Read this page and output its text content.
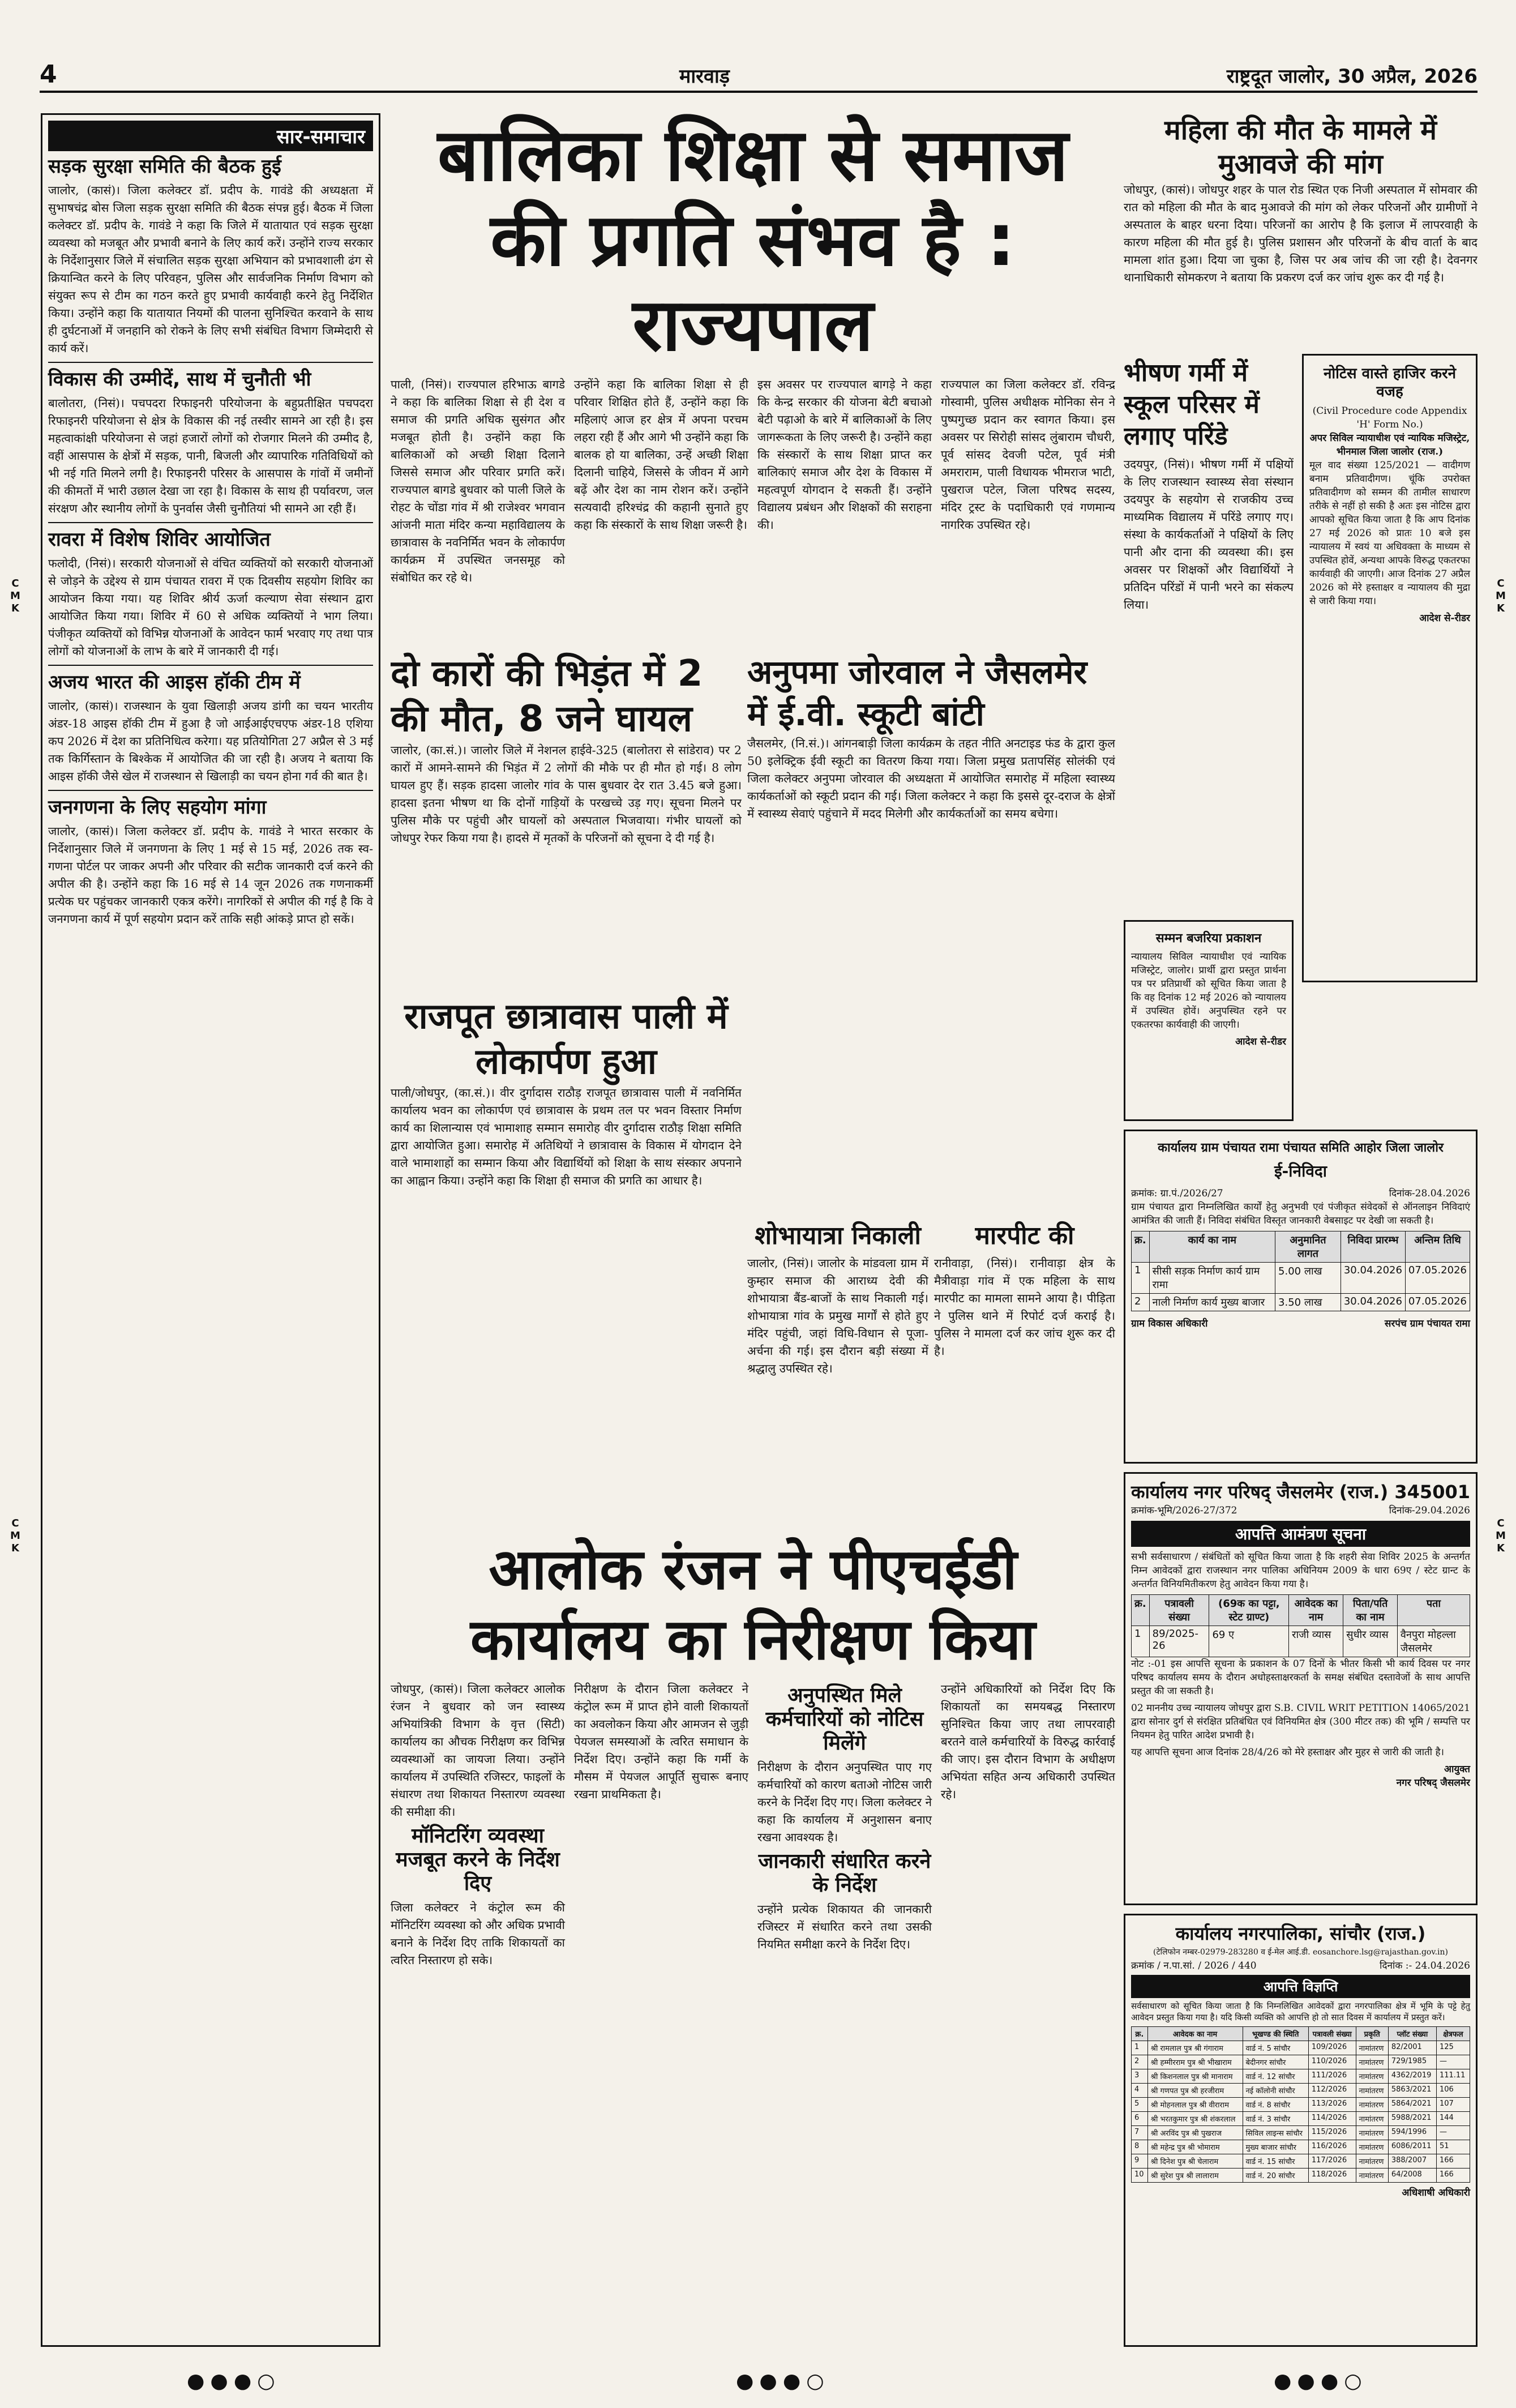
4	मारवाड़	राष्ट्रदूत जालोर, 30 अप्रैल, 2026
C M K
C M K
C M K
C M K
सार-समाचार
सड़क सुरक्षा समिति की बैठक हुई

जालोर, (कासं)। जिला कलेक्टर डॉ. प्रदीप के. गावंडे की अध्यक्षता में सुभाषचंद्र बोस जिला सड़क सुरक्षा समिति की बैठक संपन्न हुई। बैठक में जिला कलेक्टर डॉ. प्रदीप के. गावंडे ने कहा कि जिले में यातायात एवं सड़क सुरक्षा व्यवस्था को मजबूत और प्रभावी बनाने के लिए कार्य करें। उन्होंने राज्य सरकार के निर्देशानुसार जिले में संचालित सड़क सुरक्षा अभियान को प्रभावशाली ढंग से क्रियान्वित करने के लिए परिवहन, पुलिस और सार्वजनिक निर्माण विभाग को संयुक्त रूप से टीम का गठन करते हुए प्रभावी कार्यवाही करने हेतु निर्देशित किया। उन्होंने कहा कि यातायात नियमों की पालना सुनिश्चित करवाने के साथ ही दुर्घटनाओं में जनहानि को रोकने के लिए सभी संबंधित विभाग जिम्मेदारी से कार्य करें।

विकास की उम्मीदें, साथ में चुनौती भी

बालोतरा, (निसं)। पचपदरा रिफाइनरी परियोजना के बहुप्रतीक्षित पचपदरा रिफाइनरी परियोजना से क्षेत्र के विकास की नई तस्वीर सामने आ रही है। इस महत्वाकांक्षी परियोजना से जहां हजारों लोगों को रोजगार मिलने की उम्मीद है, वहीं आसपास के क्षेत्रों में सड़क, पानी, बिजली और व्यापारिक गतिविधियों को भी नई गति मिलने लगी है। रिफाइनरी परिसर के आसपास के गांवों में जमीनों की कीमतों में भारी उछाल देखा जा रहा है। विकास के साथ ही पर्यावरण, जल संरक्षण और स्थानीय लोगों के पुनर्वास जैसी चुनौतियां भी सामने आ रही हैं।

रावरा में विशेष शिविर आयोजित

फलोदी, (निसं)। सरकारी योजनाओं से वंचित व्यक्तियों को सरकारी योजनाओं से जोड़ने के उद्देश्य से ग्राम पंचायत रावरा में एक दिवसीय सहयोग शिविर का आयोजन किया गया। यह शिविर श्रीर्य ऊर्जा कल्याण सेवा संस्थान द्वारा आयोजित किया गया। शिविर में 60 से अधिक व्यक्तियों ने भाग लिया। पंजीकृत व्यक्तियों को विभिन्न योजनाओं के आवेदन फार्म भरवाए गए तथा पात्र लोगों को योजनाओं के लाभ के बारे में जानकारी दी गई।

अजय भारत की आइस हॉकी टीम में

जालोर, (कासं)। राजस्थान के युवा खिलाड़ी अजय डांगी का चयन भारतीय अंडर-18 आइस हॉकी टीम में हुआ है जो आईआईएचएफ अंडर-18 एशिया कप 2026 में देश का प्रतिनिधित्व करेगा। यह प्रतियोगिता 27 अप्रैल से 3 मई तक किर्गिस्तान के बिश्केक में आयोजित की जा रही है। अजय ने बताया कि आइस हॉकी जैसे खेल में राजस्थान से खिलाड़ी का चयन होना गर्व की बात है।

जनगणना के लिए सहयोग मांगा

जालोर, (कासं)। जिला कलेक्टर डॉ. प्रदीप के. गावंडे ने भारत सरकार के निर्देशानुसार जिले में जनगणना के लिए 1 मई से 15 मई, 2026 तक स्व-गणना पोर्टल पर जाकर अपनी और परिवार की सटीक जानकारी दर्ज करने की अपील की है। उन्होंने कहा कि 16 मई से 14 जून 2026 तक गणनाकर्मी प्रत्येक घर पहुंचकर जानकारी एकत्र करेंगे। नागरिकों से अपील की गई है कि वे जनगणना कार्य में पूर्ण सहयोग प्रदान करें ताकि सही आंकड़े प्राप्त हो सकें।

बालिका शिक्षा से समाज की प्रगति संभव है : राज्यपाल

पाली, (निसं)। राज्यपाल हरिभाऊ बागडे ने कहा कि बालिका शिक्षा से ही देश व समाज की प्रगति अधिक सुसंगत और मजबूत होती है। उन्होंने कहा कि बालिकाओं को अच्छी शिक्षा दिलाने जिससे समाज और परिवार प्रगति करें। राज्यपाल बागडे बुधवार को पाली जिले के रोहट के चोंडा गांव में श्री राजेश्वर भगवान आंजनी माता मंदिर कन्या महाविद्यालय के छात्रावास के नवनिर्मित भवन के लोकार्पण कार्यक्रम में उपस्थित जनसमूह को संबोधित कर रहे थे।

उन्होंने कहा कि बालिका शिक्षा से ही परिवार शिक्षित होते हैं, उन्होंने कहा कि महिलाएं आज हर क्षेत्र में अपना परचम लहरा रही हैं और आगे भी उन्होंने कहा कि बालक हो या बालिका, उन्हें अच्छी शिक्षा दिलानी चाहिये, जिससे के जीवन में आगे बढ़ें और देश का नाम रोशन करें। उन्होंने सत्यवादी हरिश्चंद्र की कहानी सुनाते हुए कहा कि संस्कारों के साथ शिक्षा जरूरी है।

इस अवसर पर राज्यपाल बागड़े ने कहा कि केन्द्र सरकार की योजना बेटी बचाओ बेटी पढ़ाओ के बारे में बालिकाओं के लिए जागरूकता के लिए जरूरी है। उन्होंने कहा कि संस्कारों के साथ शिक्षा प्राप्त कर बालिकाएं समाज और देश के विकास में महत्वपूर्ण योगदान दे सकती हैं। उन्होंने विद्यालय प्रबंधन और शिक्षकों की सराहना की।

राज्यपाल का जिला कलेक्टर डॉ. रविन्द्र गोस्वामी, पुलिस अधीक्षक मोनिका सेन ने पुष्पगुच्छ प्रदान कर स्वागत किया। इस अवसर पर सिरोही सांसद लुंबाराम चौधरी, पूर्व सांसद देवजी पटेल, पूर्व मंत्री अमराराम, पाली विधायक भीमराज भाटी, पुखराज पटेल, जिला परिषद सदस्य, मंदिर ट्रस्ट के पदाधिकारी एवं गणमान्य नागरिक उपस्थित रहे।

महिला की मौत के मामले में मुआवजे की मांग

जोधपुर, (कासं)। जोधपुर शहर के पाल रोड स्थित एक निजी अस्पताल में सोमवार की रात को महिला की मौत के बाद मुआवजे की मांग को लेकर परिजनों और ग्रामीणों ने अस्पताल के बाहर धरना दिया। परिजनों का आरोप है कि इलाज में लापरवाही के कारण महिला की मौत हुई है। पुलिस प्रशासन और परिजनों के बीच वार्ता के बाद मामला शांत हुआ। दिया जा चुका है, जिस पर अब जांच की जा रही है। देवनगर थानाधिकारी सोमकरण ने बताया कि प्रकरण दर्ज कर जांच शुरू कर दी गई है।

भीषण गर्मी में स्कूल परिसर में लगाए परिंडे

उदयपुर, (निसं)। भीषण गर्मी में पक्षियों के लिए राजस्थान स्वास्थ्य सेवा संस्थान उदयपुर के सहयोग से राजकीय उच्च माध्यमिक विद्यालय में परिंडे लगाए गए। संस्था के कार्यकर्ताओं ने पक्षियों के लिए पानी और दाना की व्यवस्था की। इस अवसर पर शिक्षकों और विद्यार्थियों ने प्रतिदिन परिंडों में पानी भरने का संकल्प लिया।

नोटिस वास्ते हाजिर करने वजह
(Civil Procedure code Appendix 'H' Form No.)
अपर सिविल न्यायाधीश एवं न्यायिक मजिस्ट्रेट, भीनमाल जिला जालोर (राज.)

मूल वाद संख्या 125/2021 — वादीगण बनाम प्रतिवादीगण। चूंकि उपरोक्त प्रतिवादीगण को सम्मन की तामील साधारण तरीके से नहीं हो सकी है अतः इस नोटिस द्वारा आपको सूचित किया जाता है कि आप दिनांक 27 मई 2026 को प्रातः 10 बजे इस न्यायालय में स्वयं या अधिवक्ता के माध्यम से उपस्थित होवें, अन्यथा आपके विरुद्ध एकतरफा कार्यवाही की जाएगी। आज दिनांक 27 अप्रैल 2026 को मेरे हस्ताक्षर व न्यायालय की मुद्रा से जारी किया गया।

आदेश से-रीडर
दो कारों की भिड़ंत में 2 की मौत, 8 जने घायल

जालोर, (का.सं.)। जालोर जिले में नेशनल हाईवे-325 (बालोतरा से सांडेराव) पर 2 कारों में आमने-सामने की भिड़ंत में 2 लोगों की मौके पर ही मौत हो गई। 8 लोग घायल हुए हैं। सड़क हादसा जालोर गांव के पास बुधवार देर रात 3.45 बजे हुआ। हादसा इतना भीषण था कि दोनों गाड़ियों के परखच्चे उड़ गए। सूचना मिलने पर पुलिस मौके पर पहुंची और घायलों को अस्पताल भिजवाया। गंभीर घायलों को जोधपुर रेफर किया गया है। हादसे में मृतकों के परिजनों को सूचना दे दी गई है।

अनुपमा जोरवाल ने जैसलमेर में ई.वी. स्कूटी बांटी

जैसलमेर, (नि.सं.)। आंगनबाड़ी जिला कार्यक्रम के तहत नीति अनटाइड फंड के द्वारा कुल 50 इलेक्ट्रिक ईवी स्कूटी का वितरण किया गया। जिला प्रमुख प्रतापसिंह सोलंकी एवं जिला कलेक्टर अनुपमा जोरवाल की अध्यक्षता में आयोजित समारोह में महिला स्वास्थ्य कार्यकर्ताओं को स्कूटी प्रदान की गई। जिला कलेक्टर ने कहा कि इससे दूर-दराज के क्षेत्रों में स्वास्थ्य सेवाएं पहुंचाने में मदद मिलेगी और कार्यकर्ताओं का समय बचेगा।

सम्मन बजरिया प्रकाशन

न्यायालय सिविल न्यायाधीश एवं न्यायिक मजिस्ट्रेट, जालोर। प्रार्थी द्वारा प्रस्तुत प्रार्थना पत्र पर प्रतिप्रार्थी को सूचित किया जाता है कि वह दिनांक 12 मई 2026 को न्यायालय में उपस्थित होवें। अनुपस्थित रहने पर एकतरफा कार्यवाही की जाएगी।

आदेश से-रीडर
राजपूत छात्रावास पाली में लोकार्पण हुआ

पाली/जोधपुर, (का.सं.)। वीर दुर्गादास राठौड़ राजपूत छात्रावास पाली में नवनिर्मित कार्यालय भवन का लोकार्पण एवं छात्रावास के प्रथम तल पर भवन विस्तार निर्माण कार्य का शिलान्यास एवं भामाशाह सम्मान समारोह वीर दुर्गादास राठौड़ शिक्षा समिति द्वारा आयोजित हुआ। समारोह में अतिथियों ने छात्रावास के विकास में योगदान देने वाले भामाशाहों का सम्मान किया और विद्यार्थियों को शिक्षा के साथ संस्कार अपनाने का आह्वान किया। उन्होंने कहा कि शिक्षा ही समाज की प्रगति का आधार है।

शोभायात्रा निकाली

जालोर, (निसं)। जालोर के मांडवला ग्राम में कुम्हार समाज की आराध्य देवी की शोभायात्रा बैंड-बाजों के साथ निकाली गई। शोभायात्रा गांव के प्रमुख मार्गों से होते हुए मंदिर पहुंची, जहां विधि-विधान से पूजा-अर्चना की गई। इस दौरान बड़ी संख्या में श्रद्धालु उपस्थित रहे।

मारपीट की

रानीवाड़ा, (निसं)। रानीवाड़ा क्षेत्र के मैत्रीवाड़ा गांव में एक महिला के साथ मारपीट का मामला सामने आया है। पीड़िता ने पुलिस थाने में रिपोर्ट दर्ज कराई है। पुलिस ने मामला दर्ज कर जांच शुरू कर दी है।

कार्यालय ग्राम पंचायत रामा पंचायत समिति आहोर जिला जालोर
ई-निविदा
क्रमांक: ग्रा.पं./2026/27	दिनांक-28.04.2026

ग्राम पंचायत द्वारा निम्नलिखित कार्यों हेतु अनुभवी एवं पंजीकृत संवेदकों से ऑनलाइन निविदाएं आमंत्रित की जाती हैं। निविदा संबंधित विस्तृत जानकारी वेबसाइट पर देखी जा सकती है।

क्र.	कार्य का नाम	अनुमानित लागत	निविदा प्रारम्भ	अन्तिम तिथि
1	सीसी सड़क निर्माण कार्य ग्राम रामा	5.00 लाख	30.04.2026	07.05.2026
2	नाली निर्माण कार्य मुख्य बाजार	3.50 लाख	30.04.2026	07.05.2026
ग्राम विकास अधिकारी	सरपंच ग्राम पंचायत रामा
आलोक रंजन ने पीएचईडी कार्यालय का निरीक्षण किया

जोधपुर, (कासं)। जिला कलेक्टर आलोक रंजन ने बुधवार को जन स्वास्थ्य अभियांत्रिकी विभाग के वृत्त (सिटी) कार्यालय का औचक निरीक्षण कर विभिन्न व्यवस्थाओं का जायजा लिया। उन्होंने कार्यालय में उपस्थिति रजिस्टर, फाइलों के संधारण तथा शिकायत निस्तारण व्यवस्था की समीक्षा की।

मॉनिटरिंग व्यवस्था मजबूत करने के निर्देश दिए

जिला कलेक्टर ने कंट्रोल रूम की मॉनिटरिंग व्यवस्था को और अधिक प्रभावी बनाने के निर्देश दिए ताकि शिकायतों का त्वरित निस्तारण हो सके।

निरीक्षण के दौरान जिला कलेक्टर ने कंट्रोल रूम में प्राप्त होने वाली शिकायतों का अवलोकन किया और आमजन से जुड़ी पेयजल समस्याओं के त्वरित समाधान के निर्देश दिए। उन्होंने कहा कि गर्मी के मौसम में पेयजल आपूर्ति सुचारू बनाए रखना प्राथमिकता है।

अनुपस्थित मिले कर्मचारियों को नोटिस मिलेंगे

निरीक्षण के दौरान अनुपस्थित पाए गए कर्मचारियों को कारण बताओ नोटिस जारी करने के निर्देश दिए गए। जिला कलेक्टर ने कहा कि कार्यालय में अनुशासन बनाए रखना आवश्यक है।

जानकारी संधारित करने के निर्देश

उन्होंने प्रत्येक शिकायत की जानकारी रजिस्टर में संधारित करने तथा उसकी नियमित समीक्षा करने के निर्देश दिए।

उन्होंने अधिकारियों को निर्देश दिए कि शिकायतों का समयबद्ध निस्तारण सुनिश्चित किया जाए तथा लापरवाही बरतने वाले कर्मचारियों के विरुद्ध कार्रवाई की जाए। इस दौरान विभाग के अधीक्षण अभियंता सहित अन्य अधिकारी उपस्थित रहे।

कार्यालय नगर परिषद् जैसलमेर (राज.) 345001
क्रमांक-भूमि/2026-27/372	दिनांक-29.04.2026
आपत्ति आमंत्रण सूचना

सभी सर्वसाधारण / संबंधितों को सूचित किया जाता है कि शहरी सेवा शिविर 2025 के अन्तर्गत निम्न आवेदकों द्वारा राजस्थान नगर पालिका अधिनियम 2009 के धारा 69ए / स्टेट ग्रान्ट के अन्तर्गत विनियमितीकरण हेतु आवेदन किया गया है।

क्र.	पत्रावली संख्या	(69क का पट्टा, स्टेट ग्राण्ट)	आवेदक का नाम	पिता/पति का नाम	पता
1	89/2025-26	69 ए	राजी व्यास	सुधीर व्यास	वैनपुरा मोहल्ला जैसलमेर

नोट :-01 इस आपत्ति सूचना के प्रकाशन के 07 दिनों के भीतर किसी भी कार्य दिवस पर नगर परिषद कार्यालय समय के दौरान अधोहस्ताक्षरकर्ता के समक्ष संबंधित दस्तावेजों के साथ आपत्ति प्रस्तुत की जा सकती है।

02 माननीय उच्च न्यायालय जोधपुर द्वारा S.B. CIVIL WRIT PETITION 14065/2021 द्वारा सोनार दुर्ग से संरक्षित प्रतिबंधित एवं विनियमित क्षेत्र (300 मीटर तक) की भूमि / सम्पत्ति पर नियमन हेतु पारित आदेश प्रभावी है।

यह आपत्ति सूचना आज दिनांक 28/4/26 को मेरे हस्ताक्षर और मुहर से जारी की जाती है।

आयुक्त
नगर परिषद् जैसलमेर
कार्यालय नगरपालिका, सांचौर (राज.)
(टेलिफोन नम्बर-02979-283280 व ई-मेल आई.डी. eosanchore.lsg@rajasthan.gov.in)
क्रमांक / न.पा.सां. / 2026 / 440	दिनांक :- 24.04.2026
आपत्ति विज्ञप्ति

सर्वसाधारण को सूचित किया जाता है कि निम्नलिखित आवेदकों द्वारा नगरपालिका क्षेत्र में भूमि के पट्टे हेतु आवेदन प्रस्तुत किया गया है। यदि किसी व्यक्ति को आपत्ति हो तो सात दिवस में कार्यालय में प्रस्तुत करें।

क्र.	आवेदक का नाम	भूखण्ड की स्थिति	पत्रावली संख्या	प्रकृति	प्लॉट संख्या	क्षेत्रफल
1	श्री रामलाल पुत्र श्री गंगाराम	वार्ड नं. 5 सांचौर	109/2026	नामांतरण	82/2001	125
2	श्री हम्मीरराम पुत्र श्री भीखाराम	बेदीनगर सांचौर	110/2026	नामांतरण	729/1985	—
3	श्री किशनलाल पुत्र श्री मानाराम	वार्ड नं. 12 सांचौर	111/2026	नामांतरण	4362/2019	111.11
4	श्री गणपत पुत्र श्री हरजीराम	नई कॉलोनी सांचौर	112/2026	नामांतरण	5863/2021	106
5	श्री मोहनलाल पुत्र श्री वीराराम	वार्ड नं. 8 सांचौर	113/2026	नामांतरण	5864/2021	107
6	श्री भरतकुमार पुत्र श्री शंकरलाल	वार्ड नं. 3 सांचौर	114/2026	नामांतरण	5988/2021	144
7	श्री अरविंद पुत्र श्री पुखराज	सिविल लाइन्स सांचौर	115/2026	नामांतरण	594/1996	—
8	श्री महेन्द्र पुत्र श्री भोमाराम	मुख्य बाजार सांचौर	116/2026	नामांतरण	6086/2011	51
9	श्री दिनेश पुत्र श्री चेलाराम	वार्ड नं. 15 सांचौर	117/2026	नामांतरण	388/2007	166
10	श्री सुरेश पुत्र श्री लालाराम	वार्ड नं. 20 सांचौर	118/2026	नामांतरण	64/2008	166
अधिशाषी अधिकारी
●●●○	●●●○	●●●○
